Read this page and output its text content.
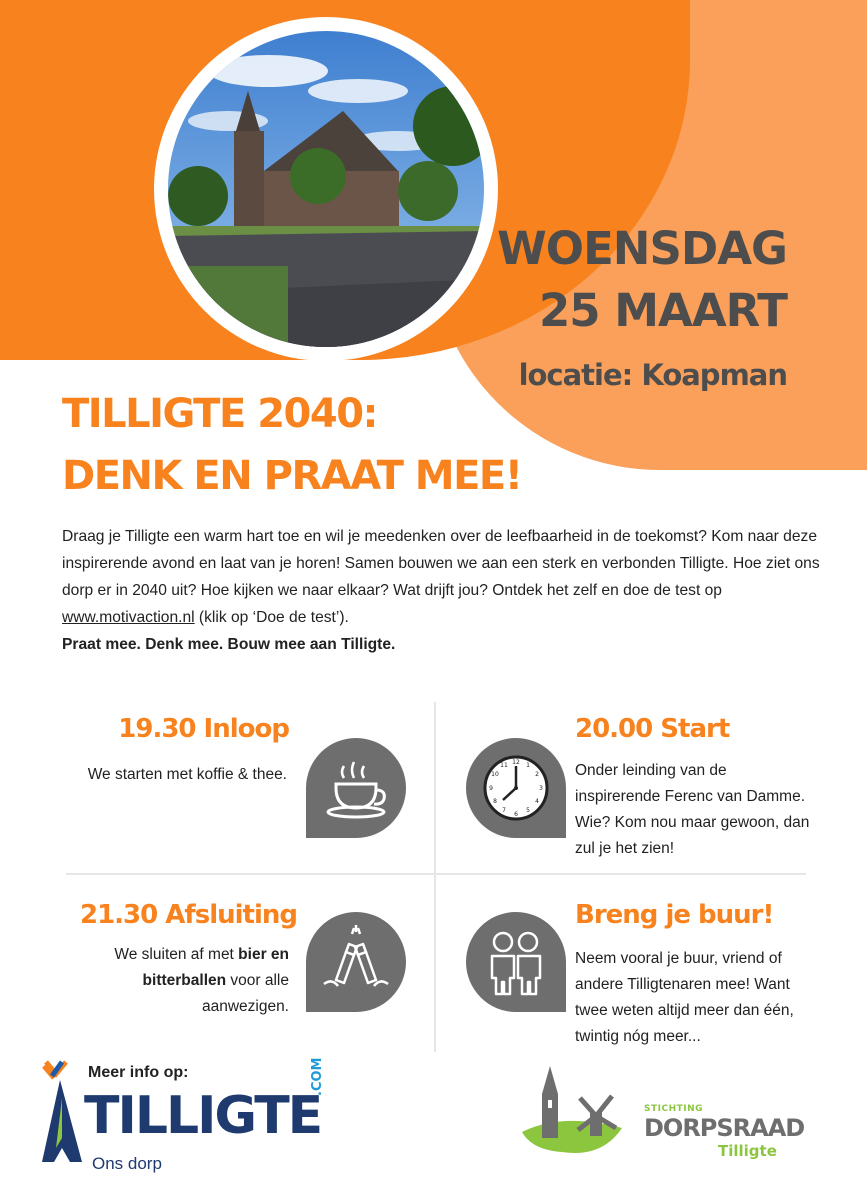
WOENSDAG
25 MAART
locatie: Koapman
TILLIGTE 2040:
DENK EN PRAAT MEE!
Draag je Tilligte een warm hart toe en wil je meedenken over de leefbaarheid in de toekomst? Kom naar deze inspirerende avond en laat van je horen! Samen bouwen we aan een sterk en verbonden Tilligte. Hoe ziet ons dorp er in 2040 uit? Hoe kijken we naar elkaar? Wat drijft jou? Ontdek het zelf en doe de test op www.motivaction.nl (klik op ‘Doe de test’).
Praat mee. Denk mee. Bouw mee aan Tilligte.
19.30 Inloop
We starten met koffie & thee.
12 1
2
3
4
5
6
7
8
9
10
11
20.00 Start
Onder leinding van de inspirerende Ferenc van Damme. Wie? Kom nou maar gewoon, dan zul je het zien!
21.30 Afsluiting
We sluiten af met bier en bitterballen voor alle aanwezigen.
Breng je buur!
Neem vooral je buur, vriend of andere Tilligtenaren mee! Want twee weten altijd meer dan één, twintig nóg meer...
Meer info op:
TILLIGTE
.COM
Ons dorp
STICHTING
DORPSRAAD
Tilligte
